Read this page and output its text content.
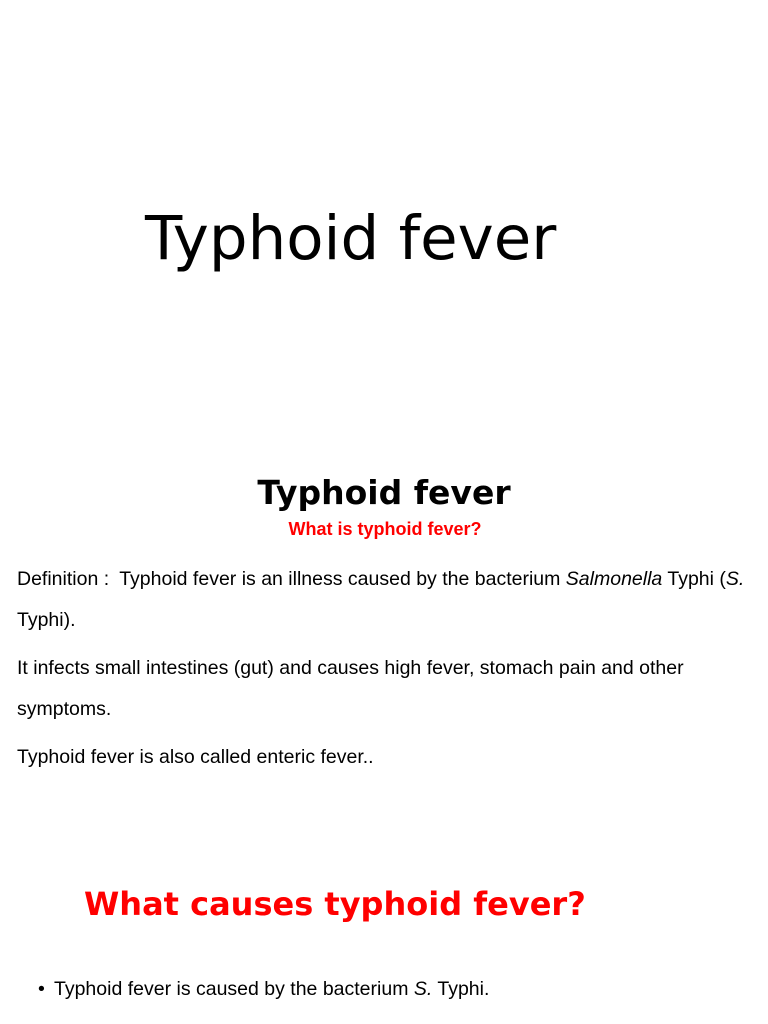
Typhoid fever
Typhoid fever
What is typhoid fever?

Definition : Typhoid fever is an illness caused by the bacterium Salmonella Typhi (S. Typhi).

It infects small intestines (gut) and causes high fever, stomach pain and other symptoms.

Typhoid fever is also called enteric fever..

What causes typhoid fever?
• Typhoid fever is caused by the bacterium S. Typhi.
